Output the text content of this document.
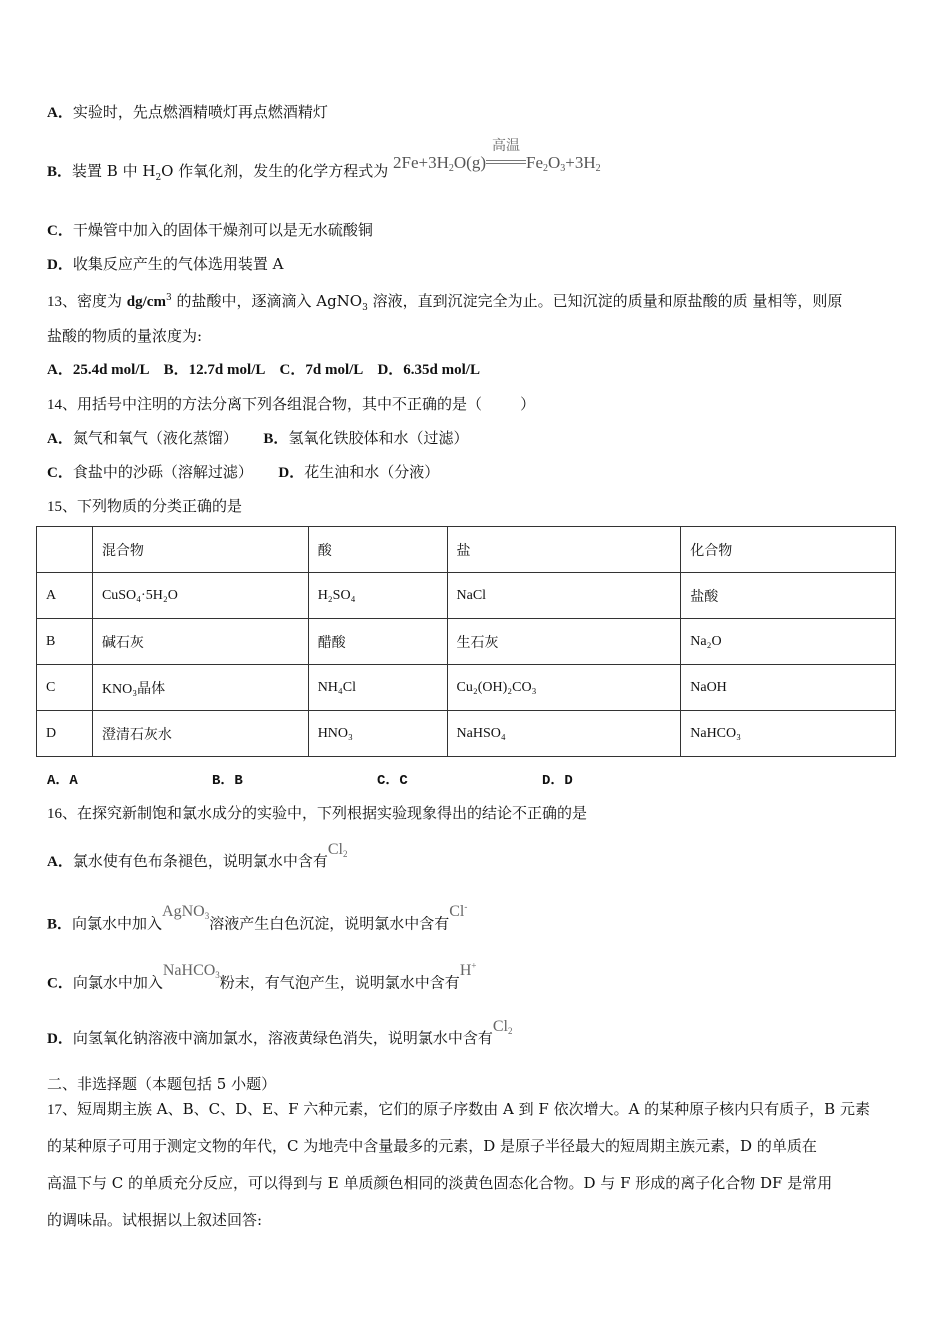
A．实验时，先点燃酒精喷灯再点燃酒精灯
B．装置 B 中 $H_2O$ 作氧化剂，发生的化学方程式为 $2Fe+3H_2O(g)$
高温
$Fe_2O_3+3H_2$
C．干燥管中加入的固体干燥剂可以是无水硫酸铜
D．收集反应产生的气体选用装置 A
13、密度为 $dg/cm^3$ 的盐酸中，逐滴滴入 AgNO$_3$ 溶液，直到沉淀完全为止。已知沉淀的质量和原盐酸的质 量相等，则原
盐酸的物质的量浓度为:
A．25.4d mol/L    B．12.7d mol/L    C．7d mol/L    D．6.35d mol/L
14、用括号中注明的方法分离下列各组混合物，其中不正确的是（        ）
A．氮气和氧气（液化蒸馏） B．氢氧化铁胶体和水（过滤）
C．食盐中的沙砾（溶解过滤） D．花生油和水（分液）
15、下列物质的分类正确的是
	混合物	酸	盐	化合物
A	CuSO₄·5H₂O	H₂SO₄	NaCl	盐酸
B	碱石灰	醋酸	生石灰	Na₂O
C	KNO₃晶体	NH₄Cl	Cu₂(OH)₂CO₃	NaOH
D	澄清石灰水	HNO₃	NaHSO₄	NaHCO₃
A．A	B．B	C．C	D．D
16、在探究新制饱和氯水成分的实验中，下列根据实验现象得出的结论不正确的是
A．氯水使有色布条褪色，说明氯水中含有$Cl_2$
B．向氯水中加入AgNO$_3$溶液产生白色沉淀，说明氯水中含有Cl-
C．向氯水中加入NaHCO$_3$粉末，有气泡产生，说明氯水中含有H+
D．向氢氧化钠溶液中滴加氯水，溶液黄绿色消失，说明氯水中含有$Cl_2$
二、非选择题（本题包括 5 小题）
17、短周期主族 A、B、C、D、E、F 六种元素，它们的原子序数由 A 到 F 依次增大。A 的某种原子核内只有质子，B 元素
的某种原子可用于测定文物的年代，C 为地壳中含量最多的元素，D 是原子半径最大的短周期主族元素，D 的单质在
高温下与 C 的单质充分反应，可以得到与 E 单质颜色相同的淡黄色固态化合物。D 与 F 形成的离子化合物 DF 是常用
的调味品。试根据以上叙述回答:
